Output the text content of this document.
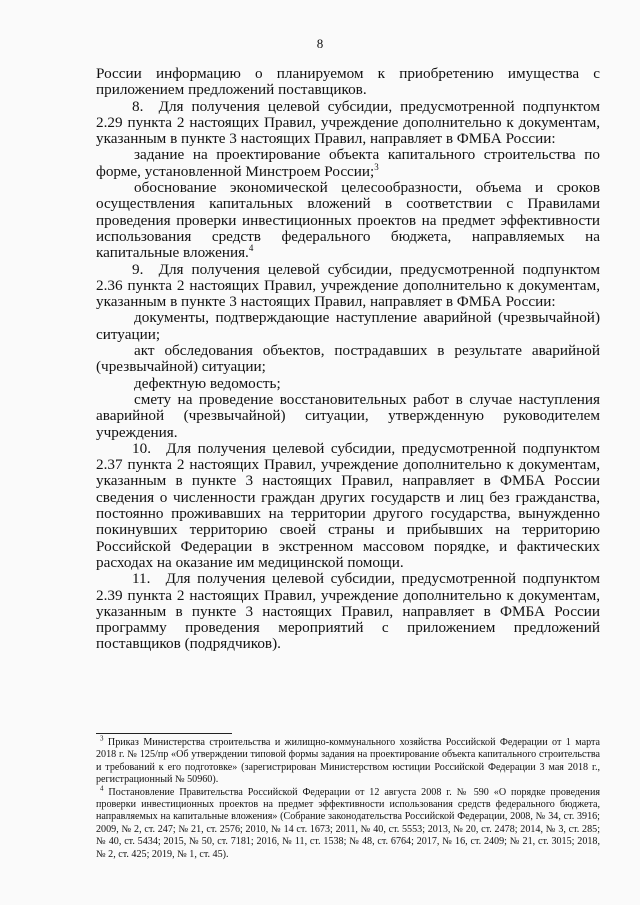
8

России информацию о планируемом к приобретению имущества с приложением предложений поставщиков.

8. Для получения целевой субсидии, предусмотренной подпунктом 2.29 пункта 2 настоящих Правил, учреждение дополнительно к документам, указанным в пункте 3 настоящих Правил, направляет в ФМБА России:

задание на проектирование объекта капитального строительства по форме, установленной Минстроем России;$^3$

обоснование экономической целесообразности, объема и сроков осуществления капитальных вложений в соответствии с Правилами проведения проверки инвестиционных проектов на предмет эффективности использования средств федерального бюджета, направляемых на капитальные вложения.$^4$

9. Для получения целевой субсидии, предусмотренной подпунктом 2.36 пункта 2 настоящих Правил, учреждение дополнительно к документам, указанным в пункте 3 настоящих Правил, направляет в ФМБА России:

документы, подтверждающие наступление аварийной (чрезвычайной) ситуации;

акт обследования объектов, пострадавших в результате аварийной (чрезвычайной) ситуации;

дефектную ведомость;

смету на проведение восстановительных работ в случае наступления аварийной (чрезвычайной) ситуации, утвержденную руководителем учреждения.

10. Для получения целевой субсидии, предусмотренной подпунктом 2.37 пункта 2 настоящих Правил, учреждение дополнительно к документам, указанным в пункте 3 настоящих Правил, направляет в ФМБА России сведения о численности граждан других государств и лиц без гражданства, постоянно проживавших на территории другого государства, вынужденно покинувших территорию своей страны и прибывших на территорию Российской Федерации в экстренном массовом порядке, и фактических расходах на оказание им медицинской помощи.

11. Для получения целевой субсидии, предусмотренной подпунктом 2.39 пункта 2 настоящих Правил, учреждение дополнительно к документам, указанным в пункте 3 настоящих Правил, направляет в ФМБА России программу проведения мероприятий с приложением предложений поставщиков (подрядчиков).

$^3$ Приказ Министерства строительства и жилищно-коммунального хозяйства Российской Федерации от 1 марта 2018 г. № 125/пр «Об утверждении типовой формы задания на проектирование объекта капитального строительства и требований к его подготовке» (зарегистрирован Министерством юстиции Российской Федерации 3 мая 2018 г., регистрационный № 50960).

$^4$ Постановление Правительства Российской Федерации от 12 августа 2008 г. № 590 «О порядке проведения проверки инвестиционных проектов на предмет эффективности использования средств федерального бюджета, направляемых на капитальные вложения» (Собрание законодательства Российской Федерации, 2008, № 34, ст. 3916; 2009, № 2, ст. 247; № 21, ст. 2576; 2010, № 14 ст. 1673; 2011, № 40, ст. 5553; 2013, № 20, ст. 2478; 2014, № 3, ст. 285; № 40, ст. 5434; 2015, № 50, ст. 7181; 2016, № 11, ст. 1538; № 48, ст. 6764; 2017, № 16, ст. 2409; № 21, ст. 3015; 2018, № 2, ст. 425; 2019, № 1, ст. 45).
